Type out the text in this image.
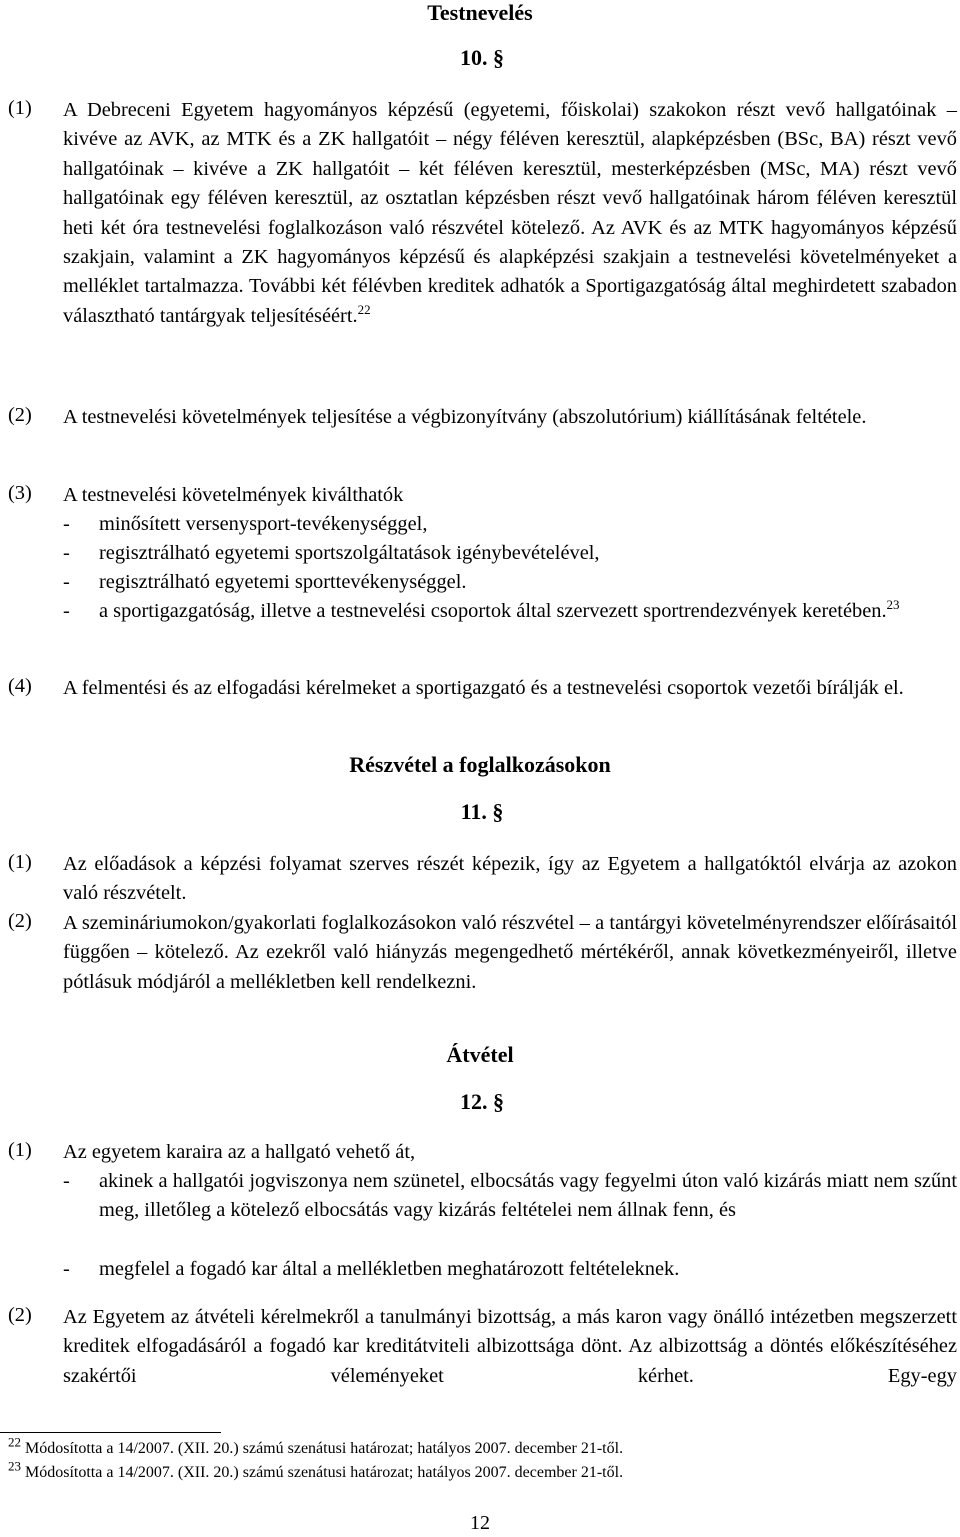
Testnevelés
10. §
(1) A Debreceni Egyetem hagyományos képzésű (egyetemi, főiskolai) szakokon részt vevő hallgatóinak – kivéve az AVK, az MTK és a ZK hallgatóit – négy féléven keresztül, alapképzésben (BSc, BA) részt vevő hallgatóinak – kivéve a ZK hallgatóit – két féléven keresztül, mesterképzésben (MSc, MA) részt vevő hallgatóinak egy féléven keresztül, az osztatlan képzésben részt vevő hallgatóinak három féléven keresztül heti két óra testnevelési foglalkozáson való részvétel kötelező. Az AVK és az MTK hagyományos képzésű szakjain, valamint a ZK hagyományos képzésű és alapképzési szakjain a testnevelési követelményeket a melléklet tartalmazza. További két félévben kreditek adhatók a Sportigazgatóság által meghirdetett szabadon választható tantárgyak teljesítéséért.$^{22}$
(2) A testnevelési követelmények teljesítése a végbizonyítvány (abszolutórium) kiállításának feltétele.
(3) A testnevelési követelmények kiválthatók
- minősített versenysport-tevékenységgel,
- regisztrálható egyetemi sportszolgáltatások igénybevételével,
- regisztrálható egyetemi sporttevékenységgel.
- a sportigazgatóság, illetve a testnevelési csoportok által szervezett sportrendezvények keretében.$^{23}$
(4) A felmentési és az elfogadási kérelmeket a sportigazgató és a testnevelési csoportok vezetői bírálják el.
Részvétel a foglalkozásokon
11. §
(1) Az előadások a képzési folyamat szerves részét képezik, így az Egyetem a hallgatóktól elvárja az azokon való részvételt.
(2) A szemináriumokon/gyakorlati foglalkozásokon való részvétel – a tantárgyi követelményrendszer előírásaitól függően – kötelező. Az ezekről való hiányzás megengedhető mértékéről, annak következményeiről, illetve pótlásuk módjáról a mellékletben kell rendelkezni.
Átvétel
12. §
(1) Az egyetem karaira az a hallgató vehető át,
- akinek a hallgatói jogviszonya nem szünetel, elbocsátás vagy fegyelmi úton való kizárás miatt nem szűnt meg, illetőleg a kötelező elbocsátás vagy kizárás feltételei nem állnak fenn, és
- megfelel a fogadó kar által a mellékletben meghatározott feltételeknek.
(2) Az Egyetem az átvételi kérelmekről a tanulmányi bizottság, a más karon vagy önálló intézetben megszerzett kreditek elfogadásáról a fogadó kar kreditátviteli albizottsága dönt. Az albizottság a döntés előkészítéséhez szakértői véleményeket kérhet. Egy-egy
$^{22}$ Módosította a 14/2007. (XII. 20.) számú szenátusi határozat; hatályos 2007. december 21-től.
$^{23}$ Módosította a 14/2007. (XII. 20.) számú szenátusi határozat; hatályos 2007. december 21-től.
12
